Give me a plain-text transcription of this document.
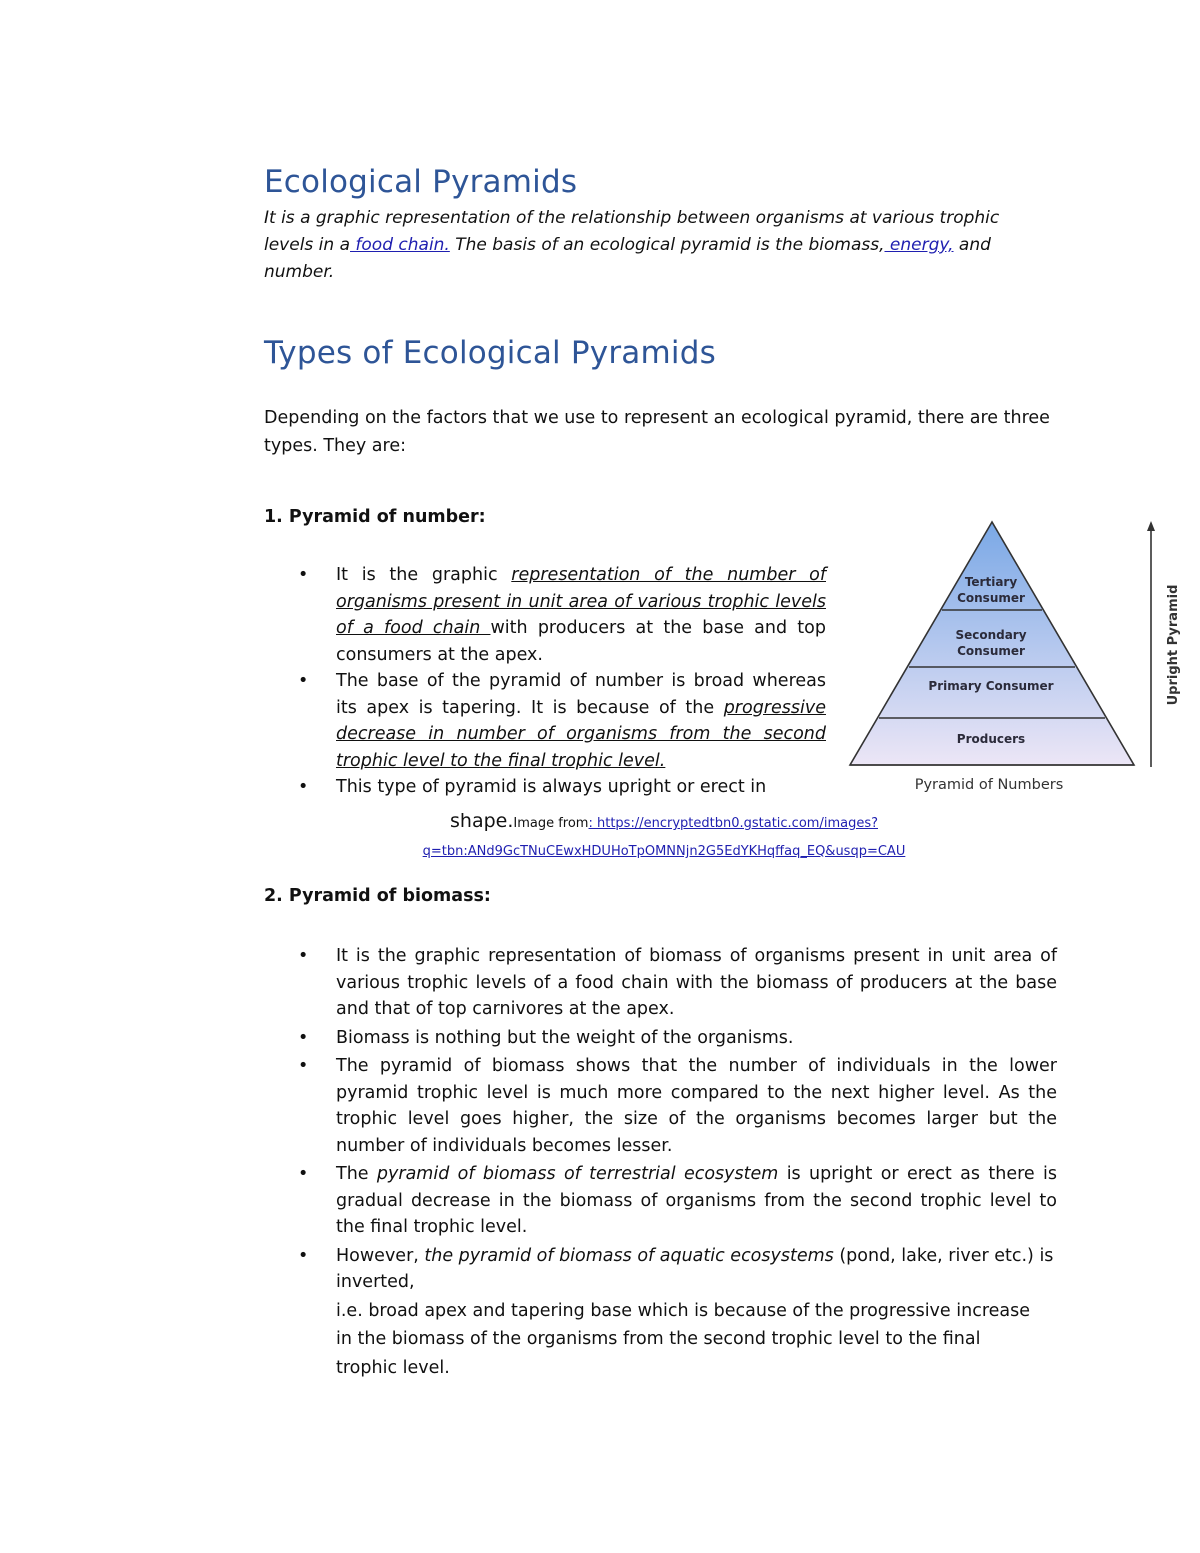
Ecological Pyramids

It is a graphic representation of the relationship between organisms at various trophic levels in a food chain. The basis of an ecological pyramid is the biomass, energy, and number.

Types of Ecological Pyramids

Depending on the factors that we use to represent an ecological pyramid, there are three types. They are:

1. Pyramid of number:

• It is the graphic representation of the number of organisms present in unit area of various trophic levels of a food chain with producers at the base and top consumers at the apex.
• The base of the pyramid of number is broad whereas its apex is tapering. It is because of the progressive decrease in number of organisms from the second trophic level to the final trophic level.
• This type of pyramid is always upright or erect in
shape.Image from: https://encryptedtbn0.gstatic.com/images?q=tbn:ANd9GcTNuCEwxHDUHoTpOMNNjn2G5EdYKHqffaq_EQ&usqp=CAU
Tertiary Consumer
Secondary Consumer
Primary Consumer
Producers
Upright Pyramid
Pyramid of Numbers

2. Pyramid of biomass:

• It is the graphic representation of biomass of organisms present in unit area of various trophic levels of a food chain with the biomass of producers at the base and that of top carnivores at the apex.
• Biomass is nothing but the weight of the organisms.
• The pyramid of biomass shows that the number of individuals in the lower pyramid trophic level is much more compared to the next higher level. As the trophic level goes higher, the size of the organisms becomes larger but the number of individuals becomes lesser.
• The pyramid of biomass of terrestrial ecosystem is upright or erect as there is gradual decrease in the biomass of organisms from the second trophic level to the final trophic level.
• However, the pyramid of biomass of aquatic ecosystems (pond, lake, river etc.) is inverted,

i.e. broad apex and tapering base which is because of the progressive increase in the biomass of the organisms from the second trophic level to the final trophic level.
